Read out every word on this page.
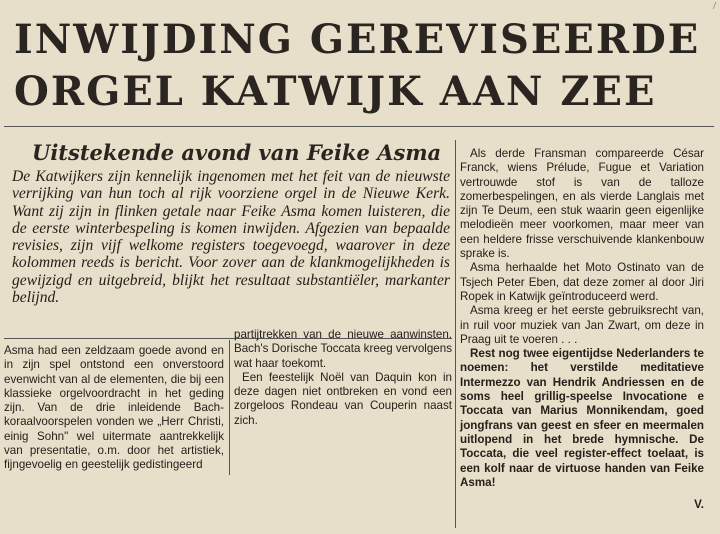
/
INWIJDING GEREVISEERDE
ORGEL KATWIJK AAN ZEE
Uitstekende avond van Feike Asma
De Katwijkers zijn kennelijk ingenomen met het feit van de nieuwste verrijking van hun toch al rijk voorziene orgel in de Nieuwe Kerk. Want zij zijn in flinken getale naar Feike Asma komen luisteren, die de eerste winterbespeling is komen inwijden. Afgezien van bepaalde revisies, zijn vijf welkome registers toegevoegd, waarover in deze kolommen reeds is bericht. Voor zover aan de klankmogelijkheden is gewijzigd en uitgebreid, blijkt het resultaat substantiëler, markanter belijnd.

Asma had een zeldzaam goede avond en in zijn spel ontstond een onverstoord evenwicht van al de elementen, die bij een klassieke orgelvoordracht in het geding zijn. Van de drie inleidende Bach-koraalvoorspelen vonden we „Herr Christi, einig Sohn" wel uitermate aantrekkelijk van presentatie, o.m. door het artistiek, fijngevoelig en geestelijk gedistingeerd

partijtrekken van de nieuwe aanwinsten. Bach's Dorische Toccata kreeg vervolgens wat haar toekomt.

Een feestelijk Noël van Daquin kon in deze dagen niet ontbreken en vond een zorgeloos Rondeau van Couperin naast zich.

Als derde Fransman compareerde César Franck, wiens Prélude, Fugue et Variation vertrouwde stof is van de talloze zomerbespelingen, en als vierde Langlais met zijn Te Deum, een stuk waarin geen eigenlijke melodieën meer voorkomen, maar meer van een heldere frisse verschuivende klankenbouw sprake is.

Asma herhaalde het Moto Ostinato van de Tsjech Peter Eben, dat deze zomer al door Jiri Ropek in Katwijk geïntroduceerd werd.

Asma kreeg er het eerste gebruiksrecht van, in ruil voor muziek van Jan Zwart, om deze in Praag uit te voeren . . .

Rest nog twee eigentijdse Nederlanders te noemen: het verstilde meditatieve Intermezzo van Hendrik Andriessen en de soms heel grillig-speelse Invocatione e Toccata van Marius Monnikendam, goed jongfrans van geest en sfeer en meermalen uitlopend in het brede hymnische. De Toccata, die veel register-effect toelaat, is een kolf naar de virtuose handen van Feike Asma!

V.
